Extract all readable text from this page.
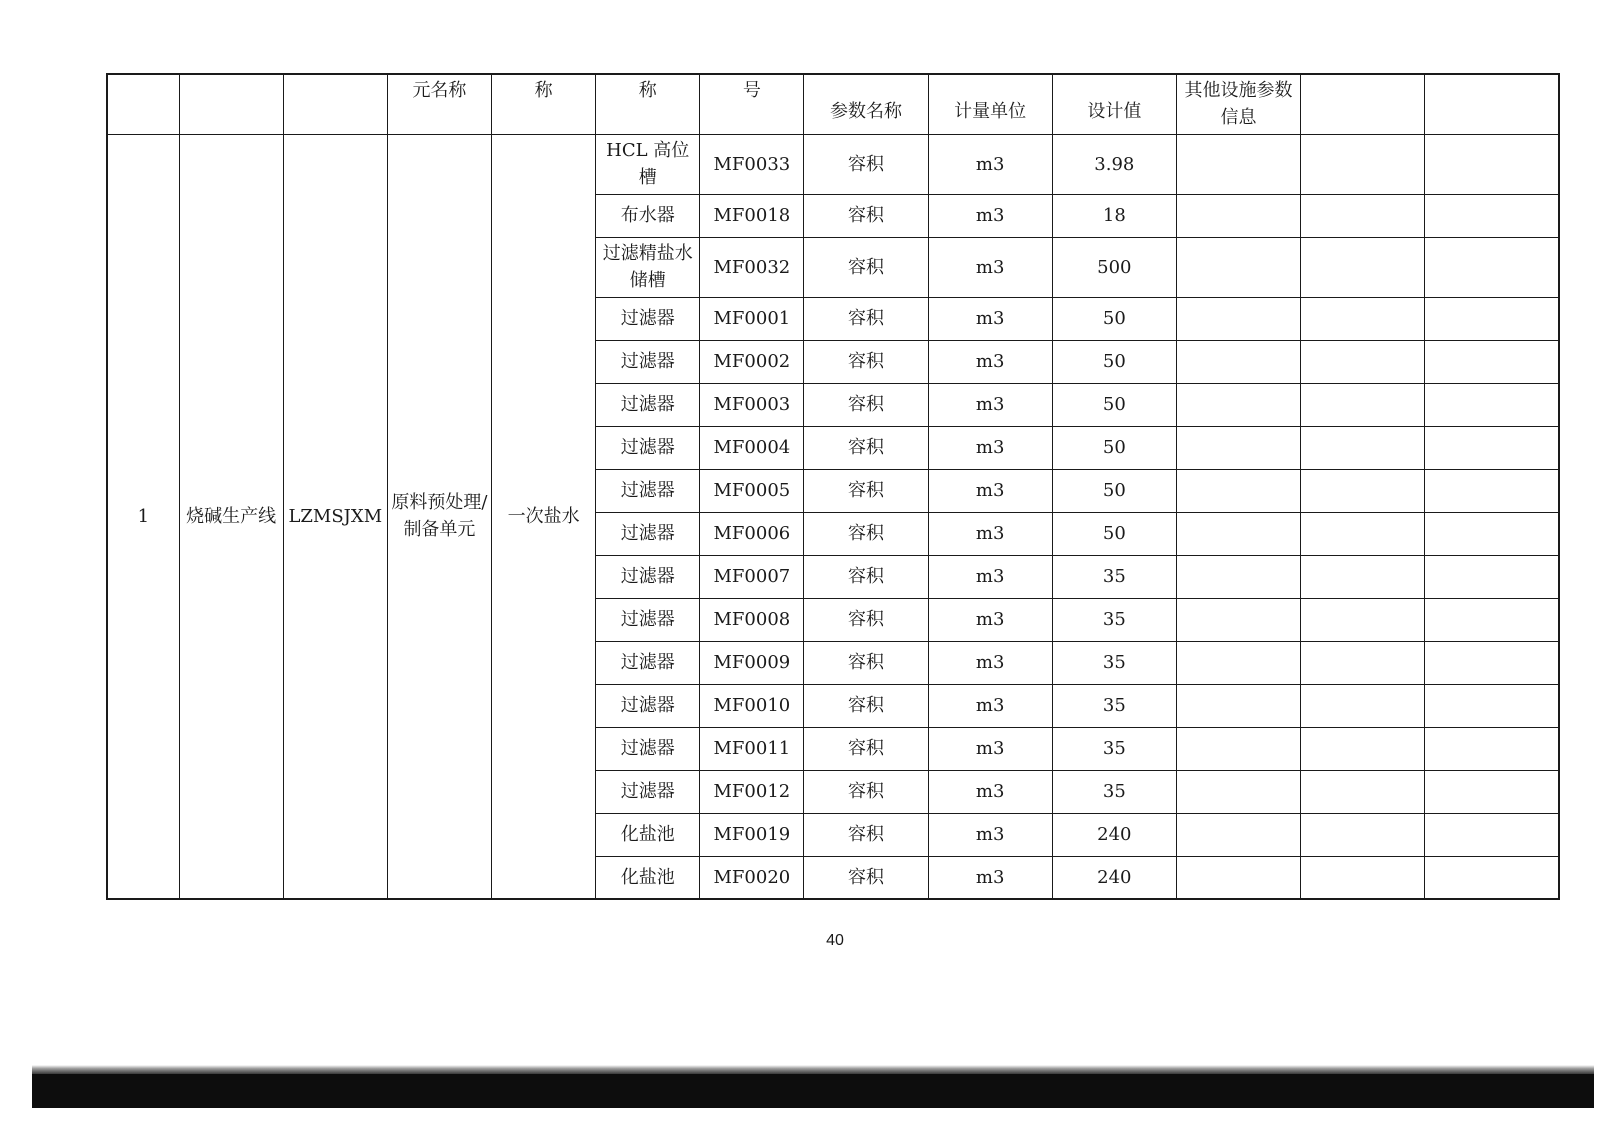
			元名称	称	称	号	参数名称	计量单位	设计值	其他设施参数信息		
1	烧碱生产线	LZMSJXM	原料预处理/制备单元	一次盐水	HCL 高位槽	MF0033	容积	m3	3.98			
					布水器	MF0018	容积	m3	18			
					过滤精盐水储槽	MF0032	容积	m3	500			
					过滤器	MF0001	容积	m3	50			
					过滤器	MF0002	容积	m3	50			
					过滤器	MF0003	容积	m3	50			
					过滤器	MF0004	容积	m3	50			
					过滤器	MF0005	容积	m3	50			
					过滤器	MF0006	容积	m3	50			
					过滤器	MF0007	容积	m3	35			
					过滤器	MF0008	容积	m3	35			
					过滤器	MF0009	容积	m3	35			
					过滤器	MF0010	容积	m3	35			
					过滤器	MF0011	容积	m3	35			
					过滤器	MF0012	容积	m3	35			
					化盐池	MF0019	容积	m3	240			
					化盐池	MF0020	容积	m3	240			
40
